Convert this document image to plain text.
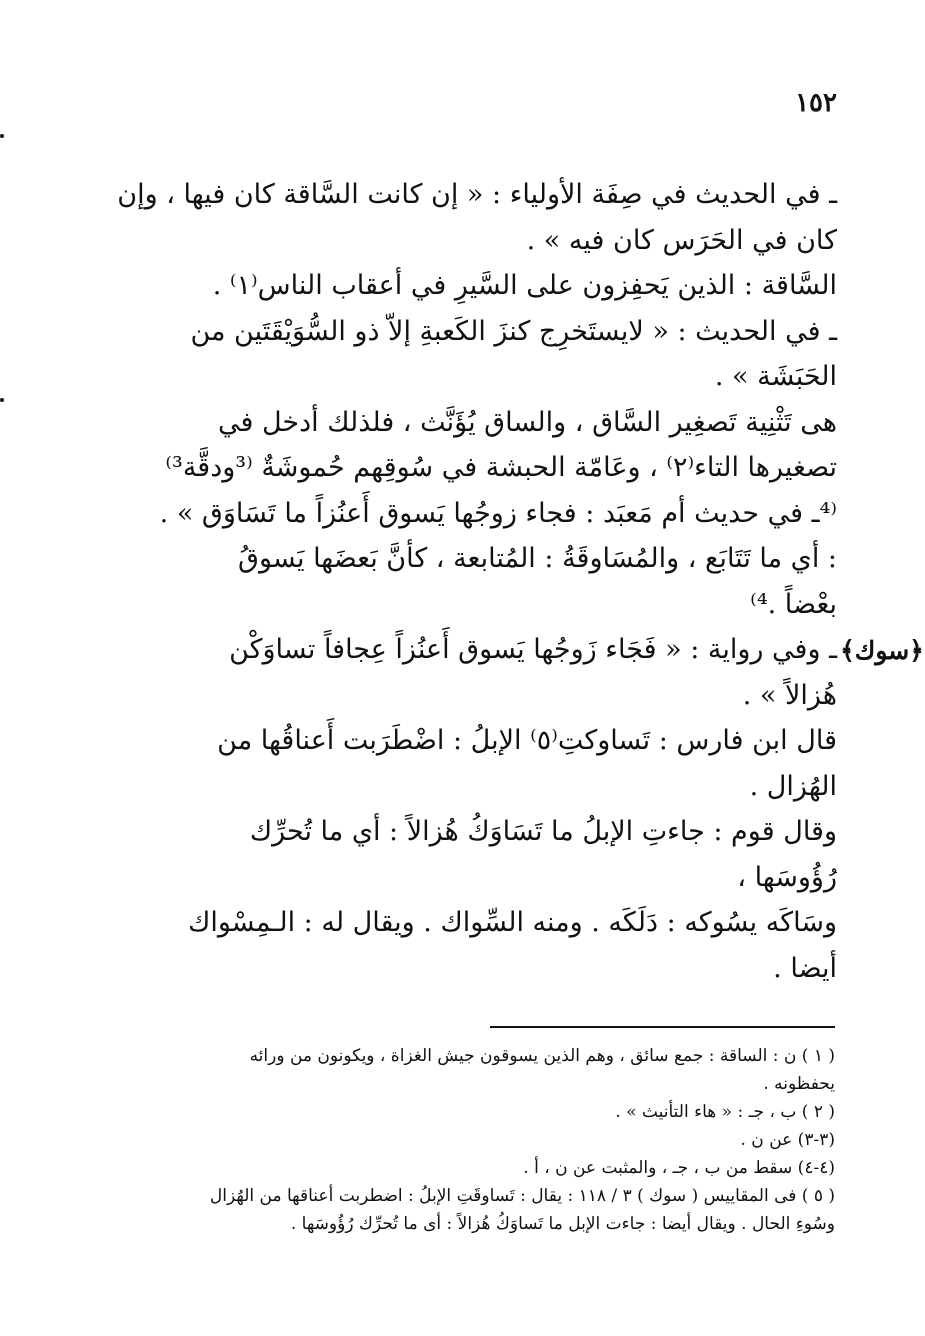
١٥٢
﴿سوك﴾

ـ في الحديث في صِفَة الأولياء : « إن كانت السَّاقة كان فيها ، وإن

كان في الحَرَس كان فيه » .

السَّاقة : الذين يَحفِزون على السَّيرِ في أعقاب الناس⁽١⁾ .

ـ في الحديث : « لايستَخرِج كنزَ الكَعبةِ إلاّ ذو السُّوَيْقَتَين من

الحَبَشَة » .

هى تَثْنِية تَصغِير السَّاق ، والساق يُؤَنَّث ، فلذلك أدخل في

تصغيرها التاء⁽٢⁾ ، وعَامّة الحبشة في سُوقِهم حُموشَةٌ ⁽³ودقَّة³⁾

⁽⁴ـ في حديث أم مَعبَد : فجاء زوجُها يَسوق أَعنُزاً ما تَسَاوَق » .

: أي ما تَتَابَع ، والمُسَاوقَةُ : المُتابعة ، كأنَّ بَعضَها يَسوقُ

بعْضاً .⁴⁾

ـ وفي رواية : « فَجَاء زَوجُها يَسوق أَعنُزاً عِجافاً تساوَكْن

هُزالاً » .

قال ابن فارس : تَساوكتِ⁽٥⁾ الإبلُ : اضْطَرَبت أَعناقُها من

الهُزال .

وقال قوم : جاءتِ الإبلُ ما تَسَاوَكُ هُزالاً : أي ما تُحرِّك

رُؤُوسَها ،

وسَاكَه يسُوكه : دَلَكَه . ومنه السِّواك . ويقال له : الـمِسْواك

أيضا .

( ١ ) ن : الساقة : جمع سائق ، وهم الذين يسوقون جيش الغزاة ، ويكونون من ورائه

يحفظونه .

( ٢ ) ب ، جـ : « هاء التأنيث » .

(٣-٣) عن ن .

(٤-٤) سقط من ب ، جـ ، والمثبت عن ن ، أ .

( ٥ ) فى المقاييس ( سوك ) ٣ / ١١٨ : يقال : تَساوقَتِ الإبلُ : اضطربت أعناقها من الهُزال

وسُوءِ الحال . ويقال أيضا : جاءت الإبل ما تَساوَكُ هُزالاً : أى ما تُحرِّك رُؤُوسَها .
